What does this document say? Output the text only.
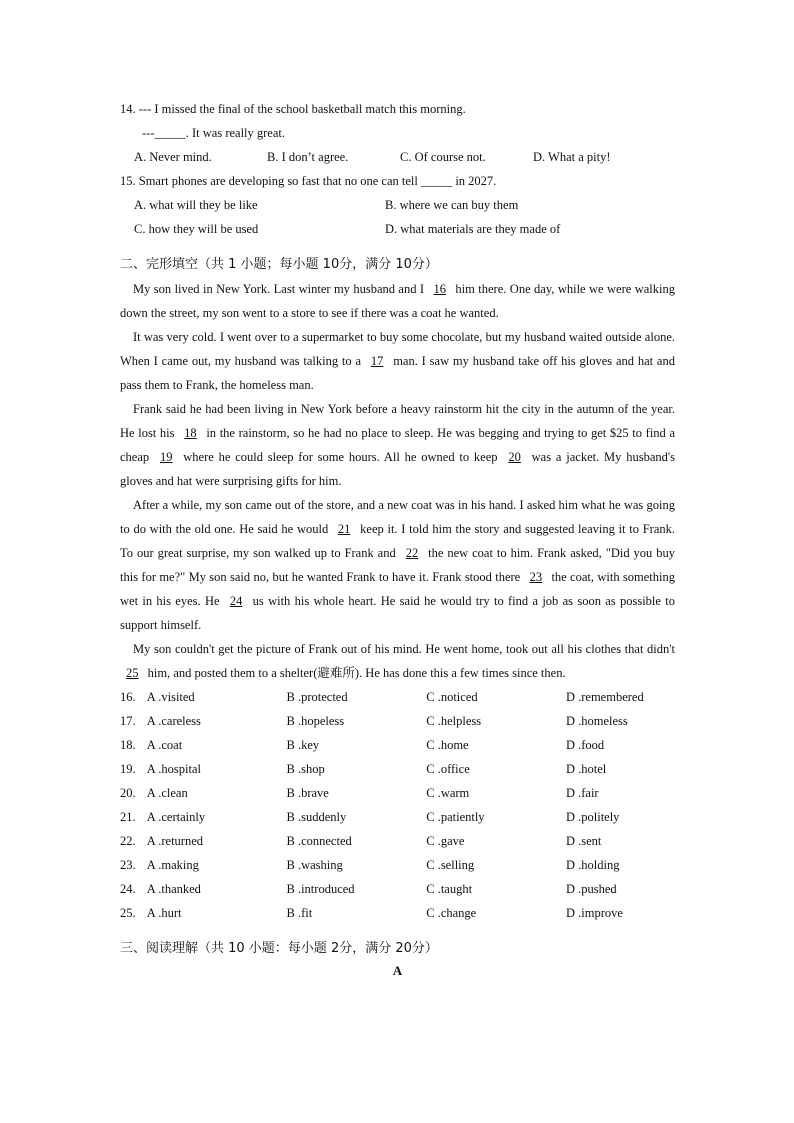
14. --- I missed the final of the school basketball match this morning.
---_____. It was really great.
A. Never mind.	B. I don’t agree.	C. Of course not.	D. What a pity!
15. Smart phones are developing so fast that no one can tell _____ in 2027.
A. what will they be like	B. where we can buy them
C. how they will be used	D. what materials are they made of
二、完形填空（共 1 小题；每小题 10分，满分 10分）

My son lived in New York. Last winter my husband and I 16 him there. One day, while we were walking down the street, my son went to a store to see if there was a coat he wanted.

It was very cold. I went over to a supermarket to buy some chocolate, but my husband waited outside alone. When I came out, my husband was talking to a 17 man. I saw my husband take off his gloves and hat and pass them to Frank, the homeless man.

Frank said he had been living in New York before a heavy rainstorm hit the city in the autumn of the year. He lost his 18 in the rainstorm, so he had no place to sleep. He was begging and trying to get $25 to find a cheap 19 where he could sleep for some hours. All he owned to keep 20 was a jacket. My husband's gloves and hat were surprising gifts for him.

After a while, my son came out of the store, and a new coat was in his hand. I asked him what he was going to do with the old one. He said he would 21 keep it. I told him the story and suggested leaving it to Frank. To our great surprise, my son walked up to Frank and 22 the new coat to him. Frank asked, "Did you buy this for me?" My son said no, but he wanted Frank to have it. Frank stood there 23 the coat, with something wet in his eyes. He 24 us with his whole heart. He said he would try to find a job as soon as possible to support himself.

My son couldn't get the picture of Frank out of his mind. He went home, took out all his clothes that didn't 25 him, and posted them to a shelter(避难所). He has done this a few times since then.

16. A .visited	B .protected	C .noticed	D .remembered
17. A .careless	B .hopeless	C .helpless	D .homeless
18. A .coat	B .key	C .home	D .food
19. A .hospital	B .shop	C .office	D .hotel
20. A .clean	B .brave	C .warm	D .fair
21. A .certainly	B .suddenly	C .patiently	D .politely
22. A .returned	B .connected	C .gave	D .sent
23. A .making	B .washing	C .selling	D .holding
24. A .thanked	B .introduced	C .taught	D .pushed
25. A .hurt	B .fit	C .change	D .improve
三、阅读理解（共 10 小题：每小题 2分，满分 20分）
A
